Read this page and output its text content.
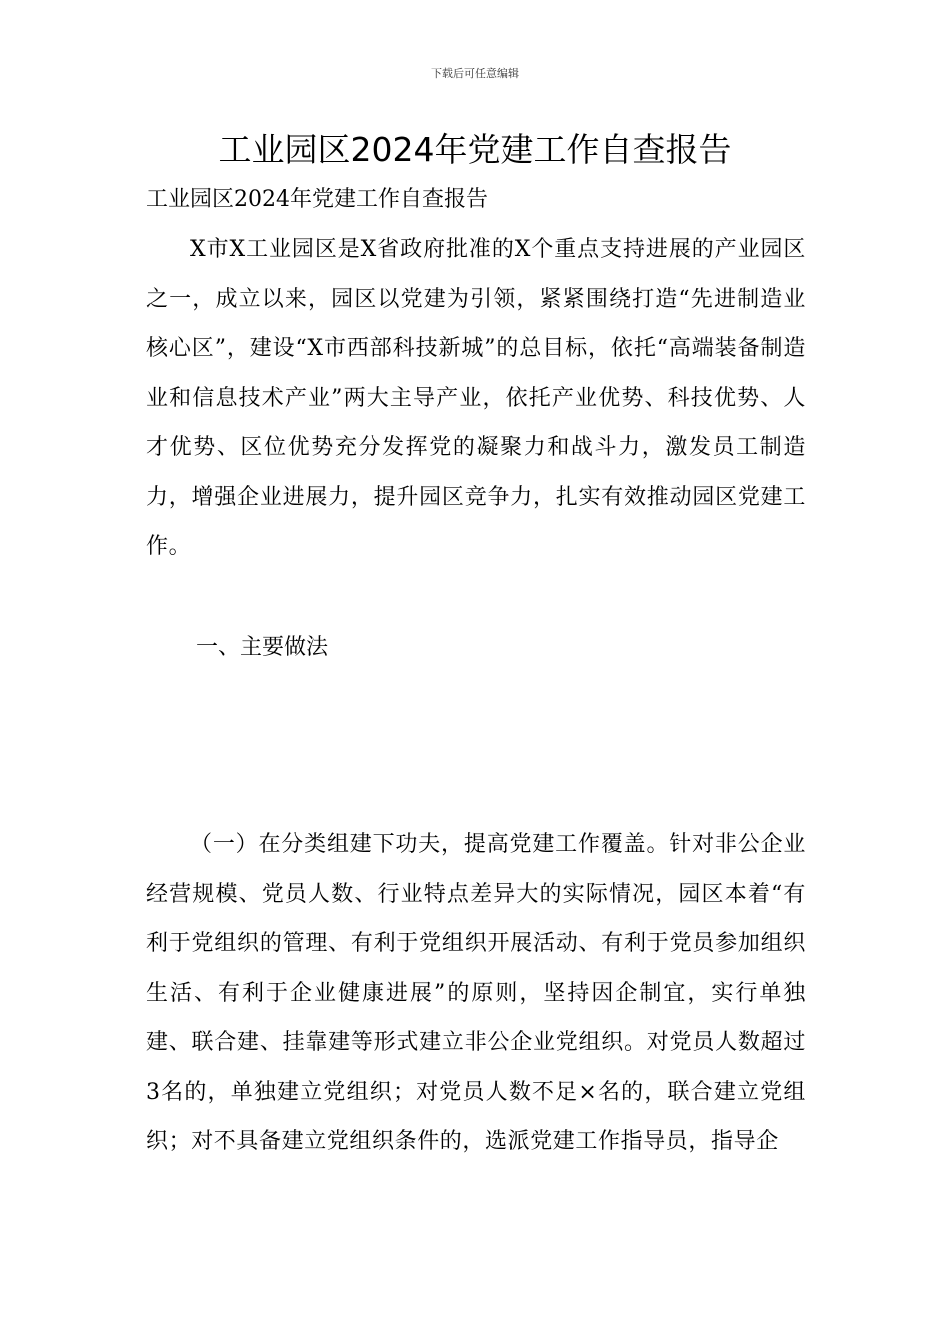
下载后可任意编辑
工业园区2024年党建工作自查报告
工业园区2024年党建工作自查报告

X市X工业园区是X省政府批准的X个重点支持进展的产业园区之一，成立以来，园区以党建为引领，紧紧围绕打造“先进制造业核心区”，建设“X市西部科技新城”的总目标，依托“高端装备制造业和信息技术产业”两大主导产业，依托产业优势、科技优势、人才优势、区位优势充分发挥党的凝聚力和战斗力，激发员工制造力，增强企业进展力，提升园区竞争力，扎实有效推动园区党建工作。

一、主要做法

（一）在分类组建下功夫，提高党建工作覆盖。针对非公企业经营规模、党员人数、行业特点差异大的实际情况，园区本着“有利于党组织的管理、有利于党组织开展活动、有利于党员参加组织生活、有利于企业健康进展”的原则，坚持因企制宜，实行单独建、联合建、挂靠建等形式建立非公企业党组织。对党员人数超过3名的，单独建立党组织；对党员人数不足×名的，联合建立党组织；对不具备建立党组织条件的，选派党建工作指导员，指导企
